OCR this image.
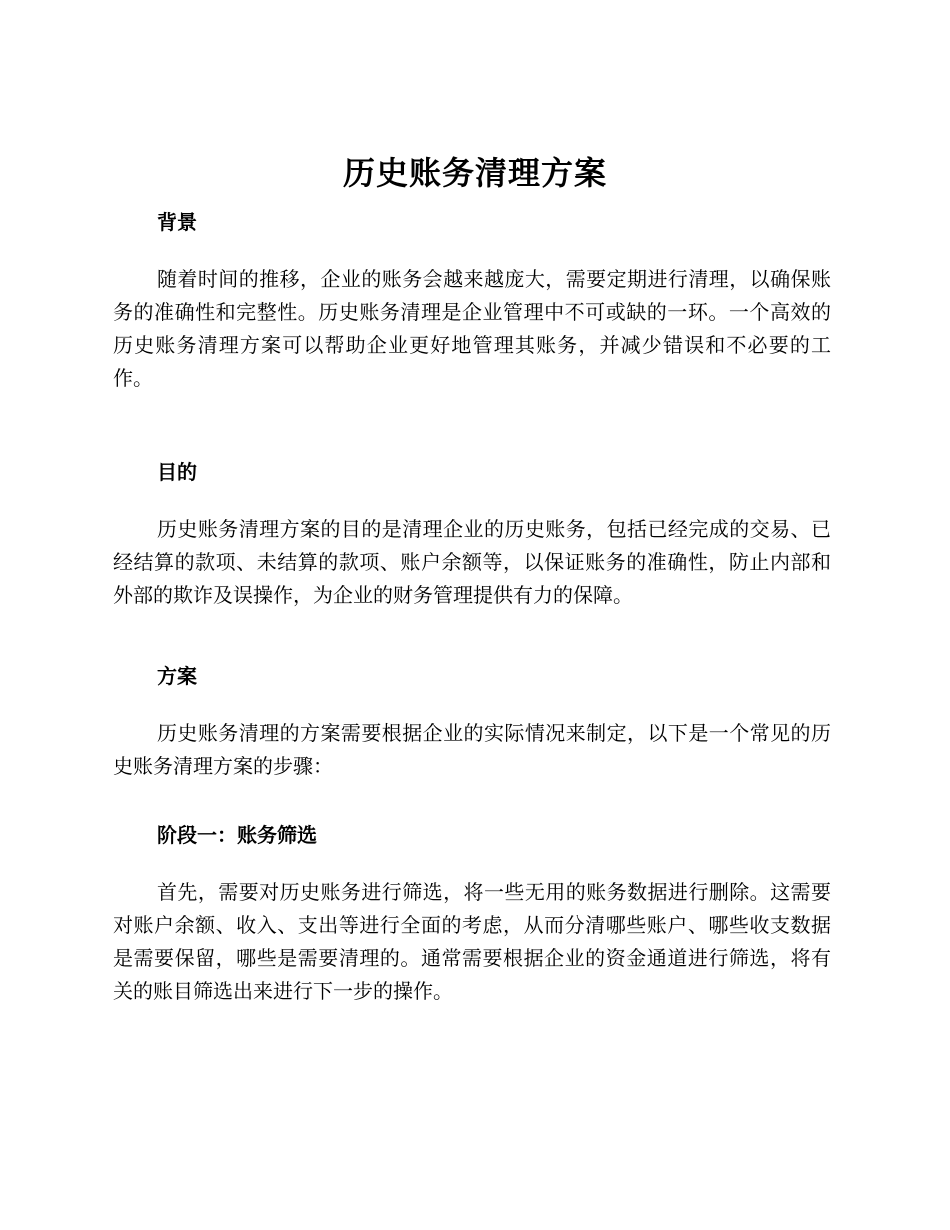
历史账务清理方案
背景

随着时间的推移，企业的账务会越来越庞大，需要定期进行清理，以确保账务的准确性和完整性。历史账务清理是企业管理中不可或缺的一环。一个高效的历史账务清理方案可以帮助企业更好地管理其账务，并减少错误和不必要的工作。

目的

历史账务清理方案的目的是清理企业的历史账务，包括已经完成的交易、已经结算的款项、未结算的款项、账户余额等，以保证账务的准确性，防止内部和外部的欺诈及误操作，为企业的财务管理提供有力的保障。

方案

历史账务清理的方案需要根据企业的实际情况来制定，以下是一个常见的历史账务清理方案的步骤：

阶段一：账务筛选

首先，需要对历史账务进行筛选，将一些无用的账务数据进行删除。这需要对账户余额、收入、支出等进行全面的考虑，从而分清哪些账户、哪些收支数据是需要保留，哪些是需要清理的。通常需要根据企业的资金通道进行筛选，将有关的账目筛选出来进行下一步的操作。
